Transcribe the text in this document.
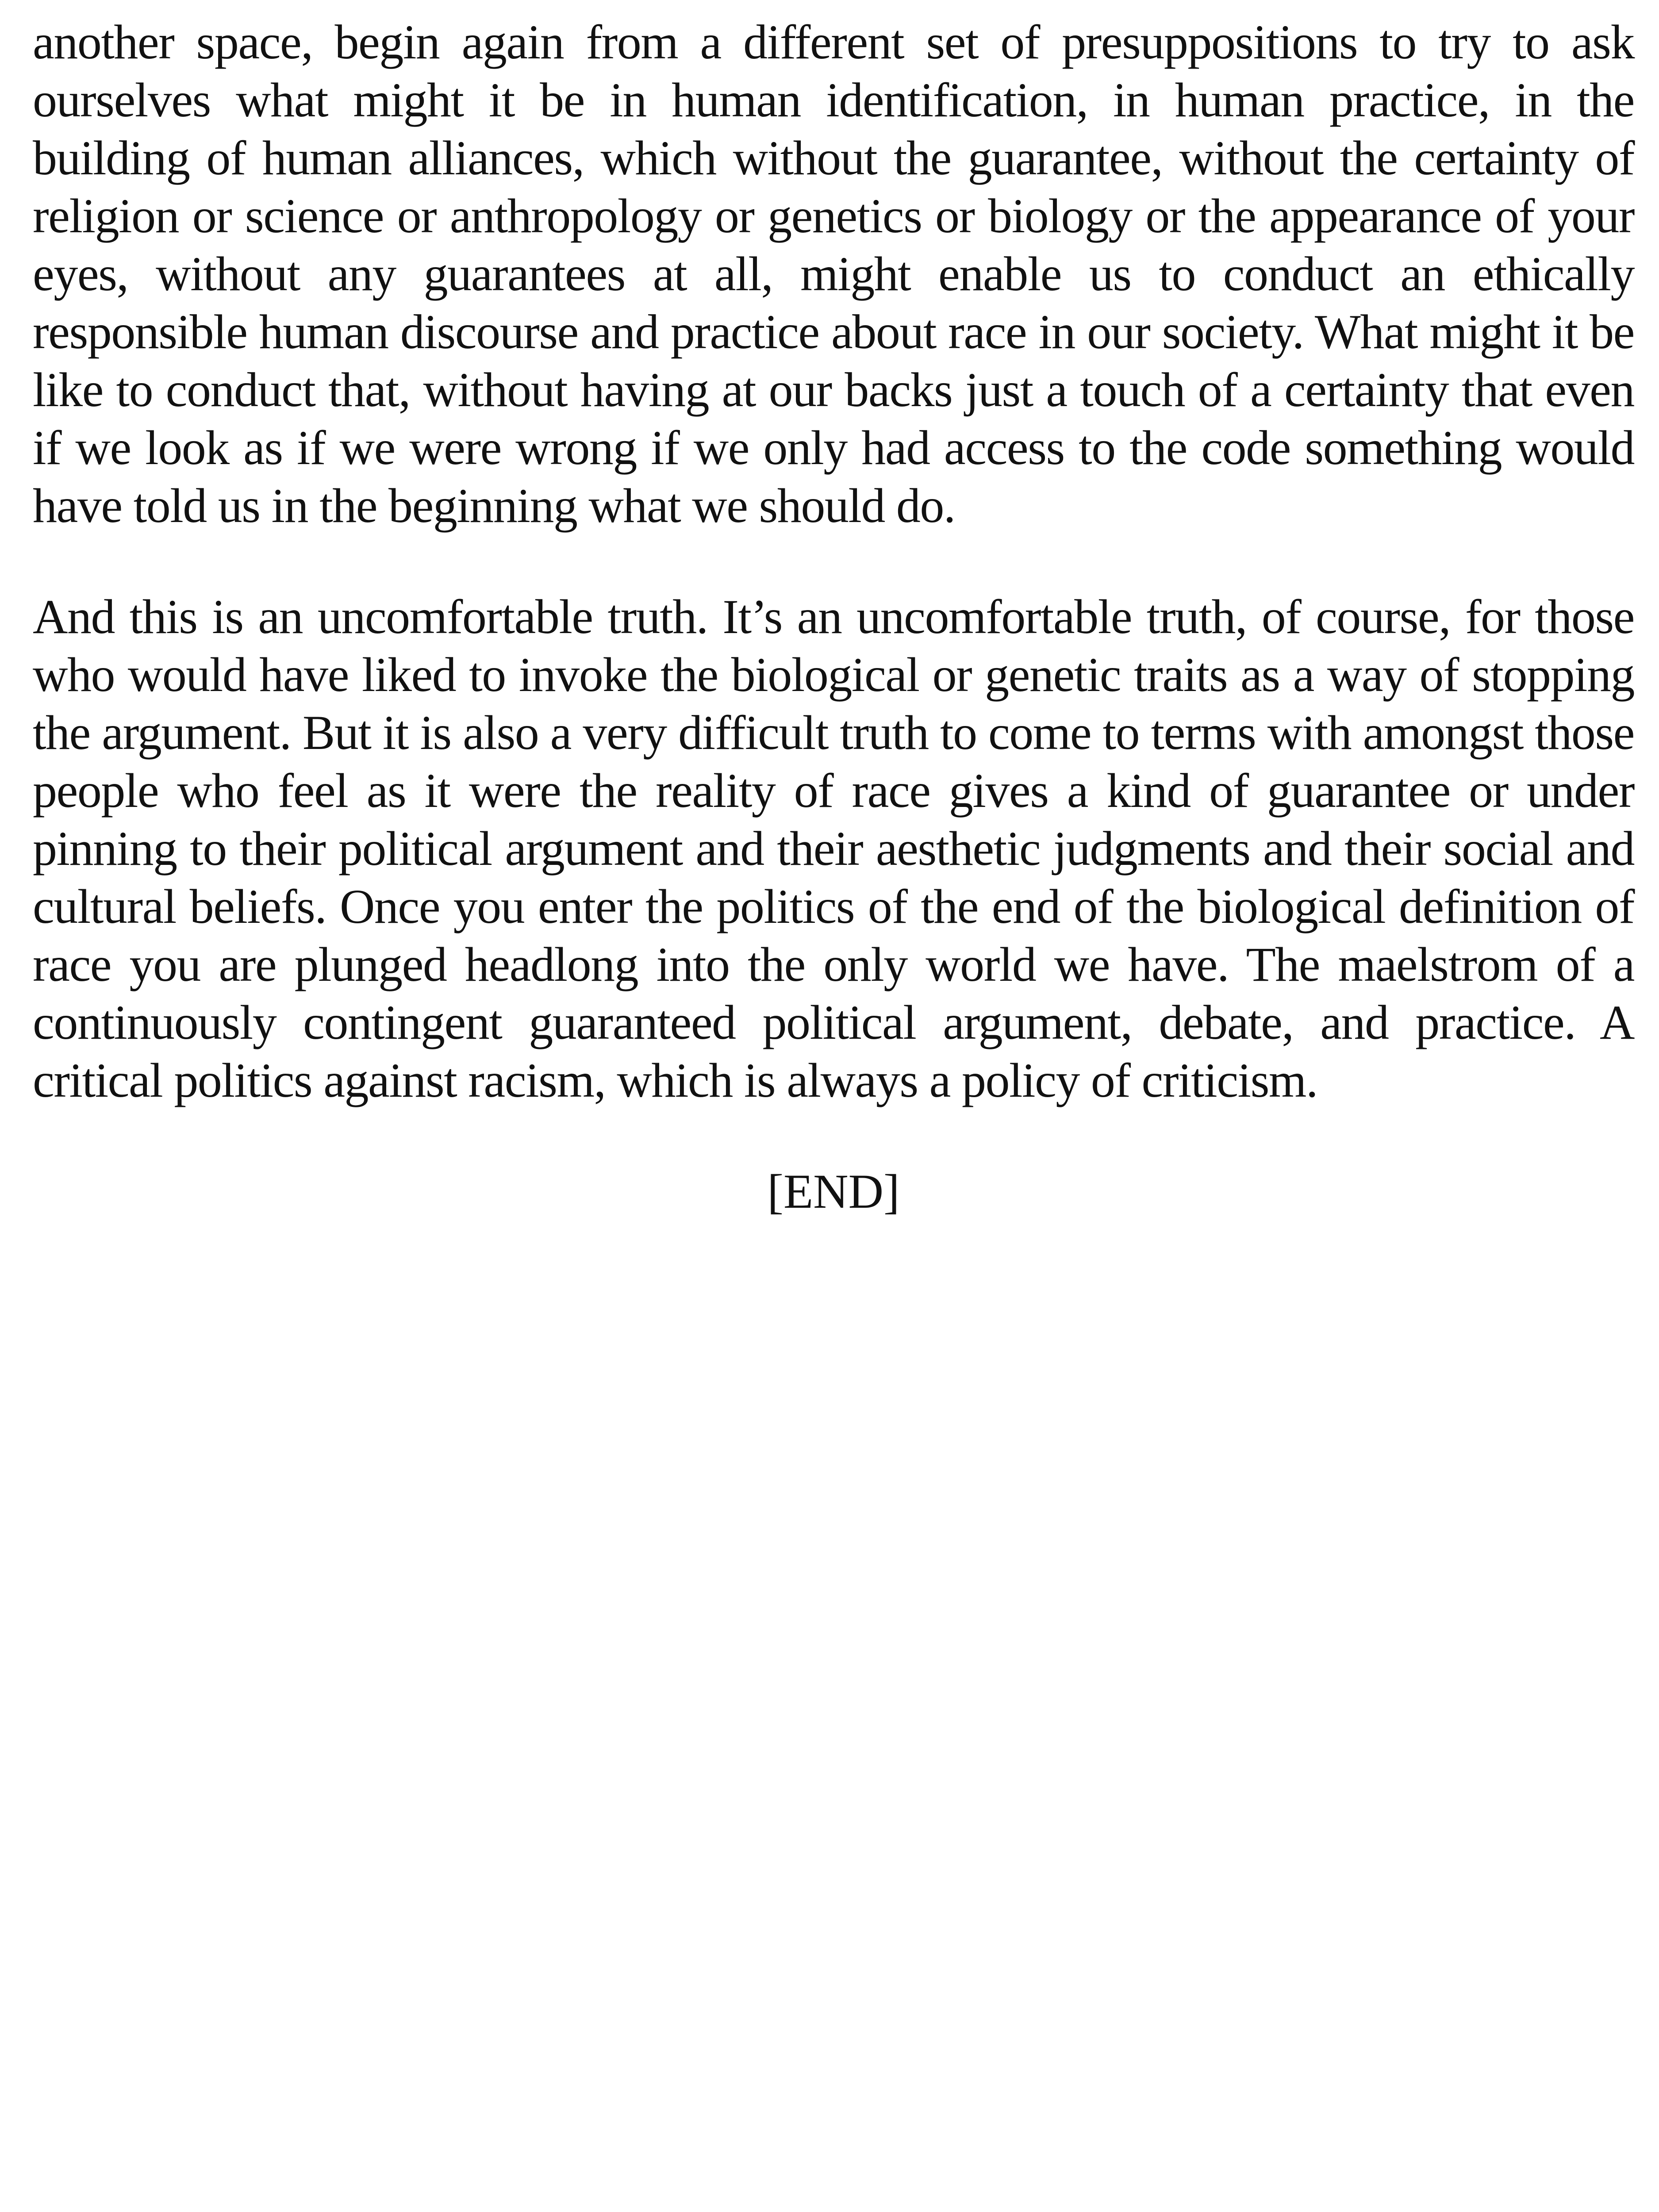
another space, begin again from a different set of presuppositions to try to ask ourselves what might it be in human identification, in human practice, in the building of human alliances, which without the guarantee, without the certainty of religion or science or anthropology or genetics or biology or the appearance of your eyes, without any guarantees at all, might enable us to conduct an ethically responsible human discourse and practice about race in our society. What might it be like to conduct that, without having at our backs just a touch of a certainty that even if we look as if we were wrong if we only had access to the code something would have told us in the beginning what we should do.

And this is an uncomfortable truth. It’s an uncomfortable truth, of course, for those who would have liked to invoke the biological or genetic traits as a way of stopping the argument. But it is also a very difficult truth to come to terms with amongst those people who feel as it were the reality of race gives a kind of guarantee or under pinning to their political argument and their aesthetic judgments and their social and cultural beliefs. Once you enter the politics of the end of the biological definition of race you are plunged headlong into the only world we have. The maelstrom of a continuously contingent guaranteed political argument, debate, and practice. A critical politics against racism, which is always a policy of criticism.

[END]
